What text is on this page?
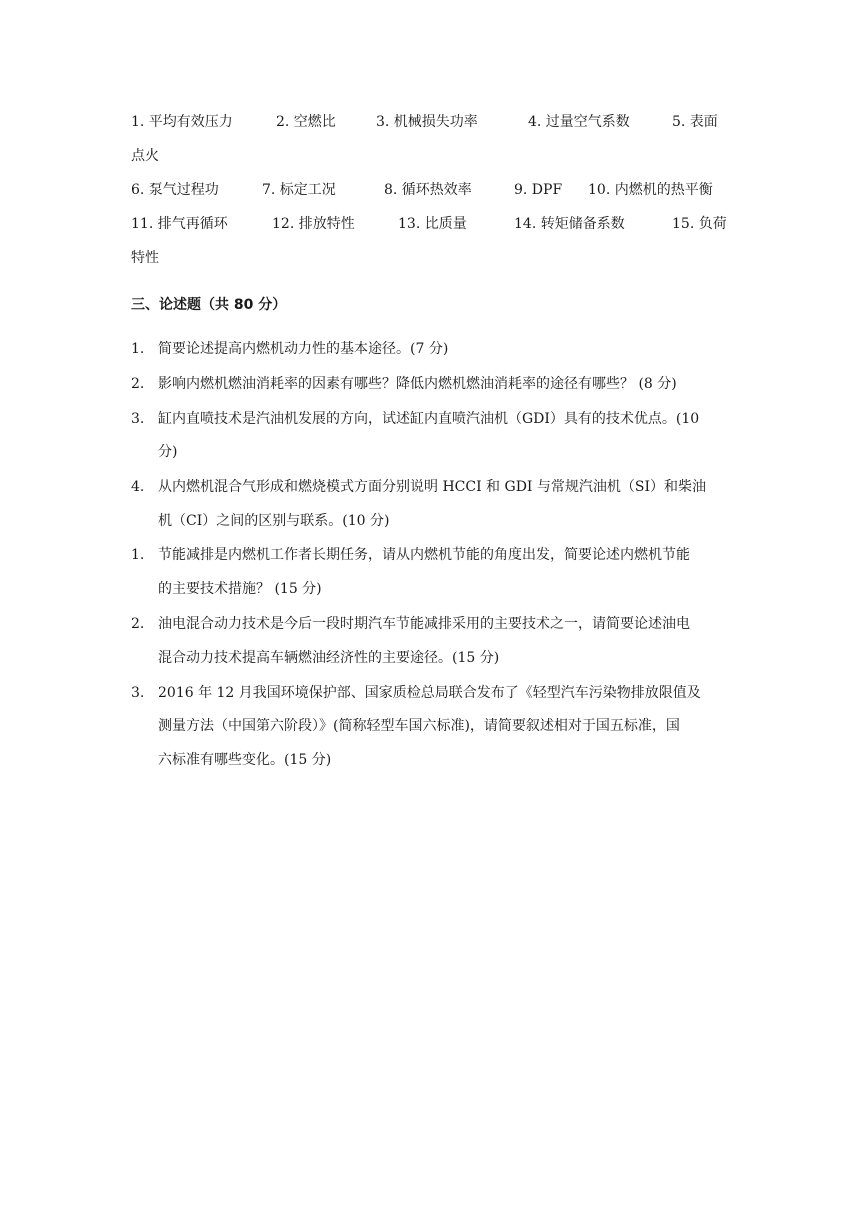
1. 平均有效压力	2. 空燃比	3. 机械损失功率	4. 过量空气系数	5. 表面
点火
6. 泵气过程功	7. 标定工况	8. 循环热效率	9. DPF 10. 内燃机的热平衡
11. 排气再循环	12. 排放特性	13. 比质量	14. 转矩储备系数	15. 负荷
特性
三、论述题（共 80 分）
1. 简要论述提高内燃机动力性的基本途径。(7 分)
2. 影响内燃机燃油消耗率的因素有哪些？降低内燃机燃油消耗率的途径有哪些？ (8 分)
3. 缸内直喷技术是汽油机发展的方向，试述缸内直喷汽油机（GDI）具有的技术优点。(10
分)
4. 从内燃机混合气形成和燃烧模式方面分别说明 HCCI 和 GDI 与常规汽油机（SI）和柴油
机（CI）之间的区别与联系。(10 分)
1. 节能减排是内燃机工作者长期任务，请从内燃机节能的角度出发，简要论述内燃机节能
的主要技术措施？ (15 分)
2. 油电混合动力技术是今后一段时期汽车节能减排采用的主要技术之一，请简要论述油电
混合动力技术提高车辆燃油经济性的主要途径。(15 分)
3. 2016 年 12 月我国环境保护部、国家质检总局联合发布了《轻型汽车污染物排放限值及
测量方法（中国第六阶段）》(简称轻型车国六标准)，请简要叙述相对于国五标准，国
六标准有哪些变化。(15 分)
